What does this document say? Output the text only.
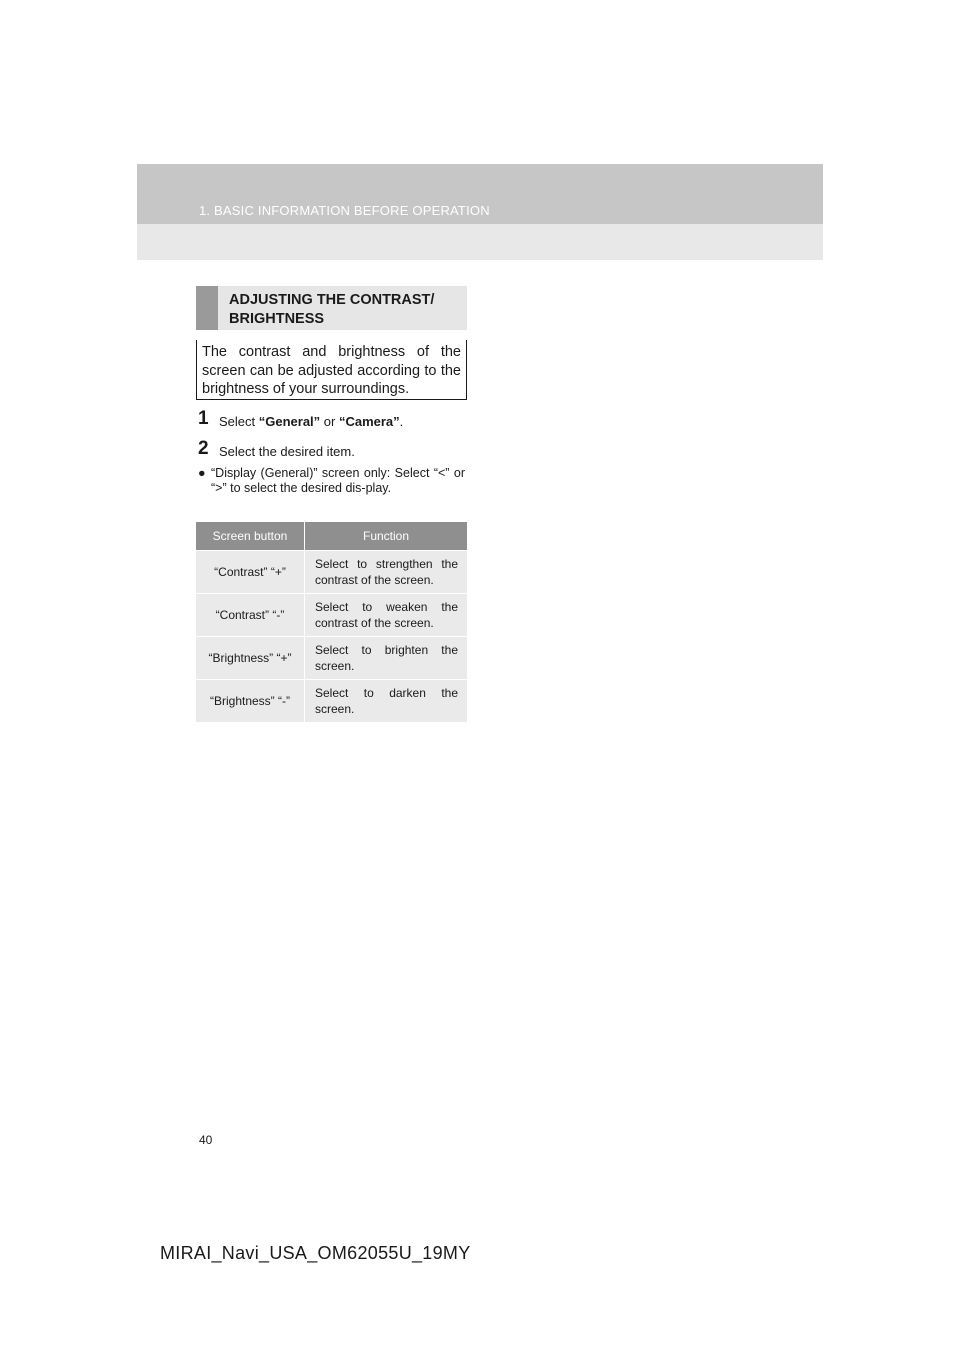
1. BASIC INFORMATION BEFORE OPERATION
ADJUSTING THE CONTRAST/ BRIGHTNESS
The contrast and brightness of the screen can be adjusted according to the brightness of your surroundings.
1 Select “General” or “Camera”.
2 Select the desired item.
● “Display (General)” screen only: Select “<” or “>” to select the desired dis-play.
Screen button	Function
“Contrast” “+”	Select to strengthen the contrast of the screen.
“Contrast” “-”	Select to weaken the contrast of the screen.
“Brightness” “+”	Select to brighten the screen.
“Brightness” “-”	Select to darken the screen.
40
MIRAI_Navi_USA_OM62055U_19MY
